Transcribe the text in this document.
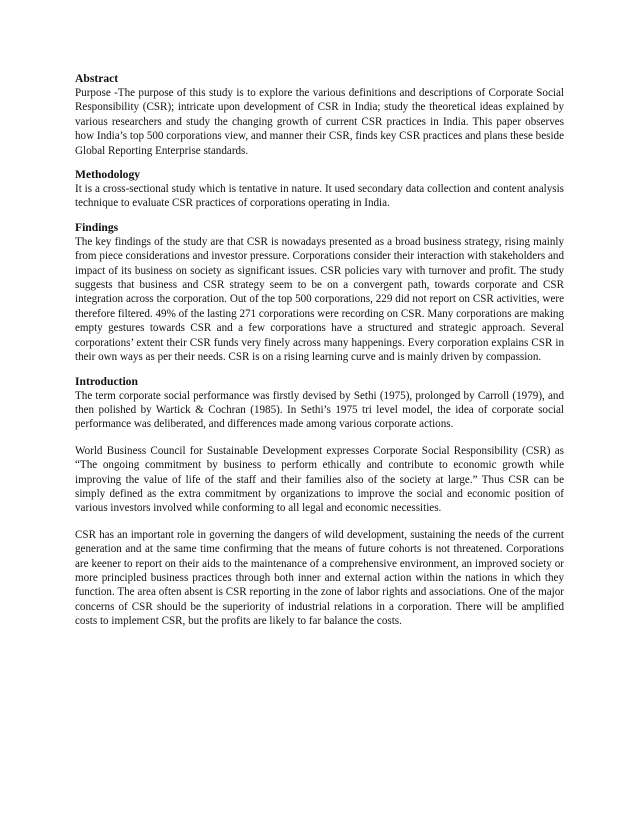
Abstract

Purpose -The purpose of this study is to explore the various definitions and descriptions of Corporate Social Responsibility (CSR); intricate upon development of CSR in India; study the theoretical ideas explained by various researchers and study the changing growth of current CSR practices in India. This paper observes how India’s top 500 corporations view, and manner their CSR, finds key CSR practices and plans these beside Global Reporting Enterprise standards.

Methodology

It is a cross-sectional study which is tentative in nature. It used secondary data collection and content analysis technique to evaluate CSR practices of corporations operating in India.

Findings

The key findings of the study are that CSR is nowadays presented as a broad business strategy, rising mainly from piece considerations and investor pressure. Corporations consider their interaction with stakeholders and impact of its business on society as significant issues. CSR policies vary with turnover and profit. The study suggests that business and CSR strategy seem to be on a convergent path, towards corporate and CSR integration across the corporation. Out of the top 500 corporations, 229 did not report on CSR activities, were therefore filtered. 49% of the lasting 271 corporations were recording on CSR. Many corporations are making empty gestures towards CSR and a few corporations have a structured and strategic approach. Several corporations’ extent their CSR funds very finely across many happenings. Every corporation explains CSR in their own ways as per their needs. CSR is on a rising learning curve and is mainly driven by compassion.

Introduction

The term corporate social performance was firstly devised by Sethi (1975), prolonged by Carroll (1979), and then polished by Wartick & Cochran (1985). In Sethi’s 1975 tri level model, the idea of corporate social performance was deliberated, and differences made among various corporate actions.

World Business Council for Sustainable Development expresses Corporate Social Responsibility (CSR) as “The ongoing commitment by business to perform ethically and contribute to economic growth while improving the value of life of the staff and their families also of the society at large.” Thus CSR can be simply defined as the extra commitment by organizations to improve the social and economic position of various investors involved while conforming to all legal and economic necessities.

CSR has an important role in governing the dangers of wild development, sustaining the needs of the current generation and at the same time confirming that the means of future cohorts is not threatened. Corporations are keener to report on their aids to the maintenance of a comprehensive environment, an improved society or more principled business practices through both inner and external action within the nations in which they function. The area often absent is CSR reporting in the zone of labor rights and associations. One of the major concerns of CSR should be the superiority of industrial relations in a corporation. There will be amplified costs to implement CSR, but the profits are likely to far balance the costs.
